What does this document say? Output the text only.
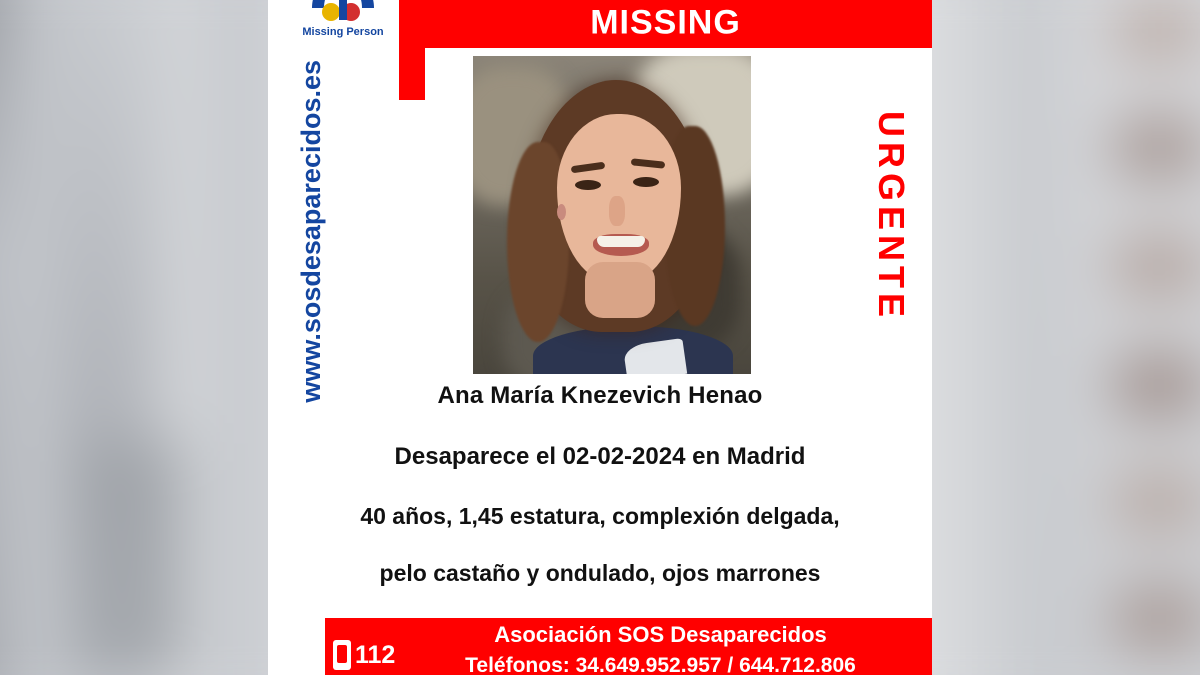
MISSING
Missing Person
www.sosdesaparecidos.es	URGENTE
Ana María Knezevich Henao
Desaparece el 02-02-2024 en Madrid
40 años, 1,45 estatura, complexión delgada,
pelo castaño y ondulado, ojos marrones
112
Asociación SOS Desaparecidos
Teléfonos: 34.649.952.957 / 644.712.806
